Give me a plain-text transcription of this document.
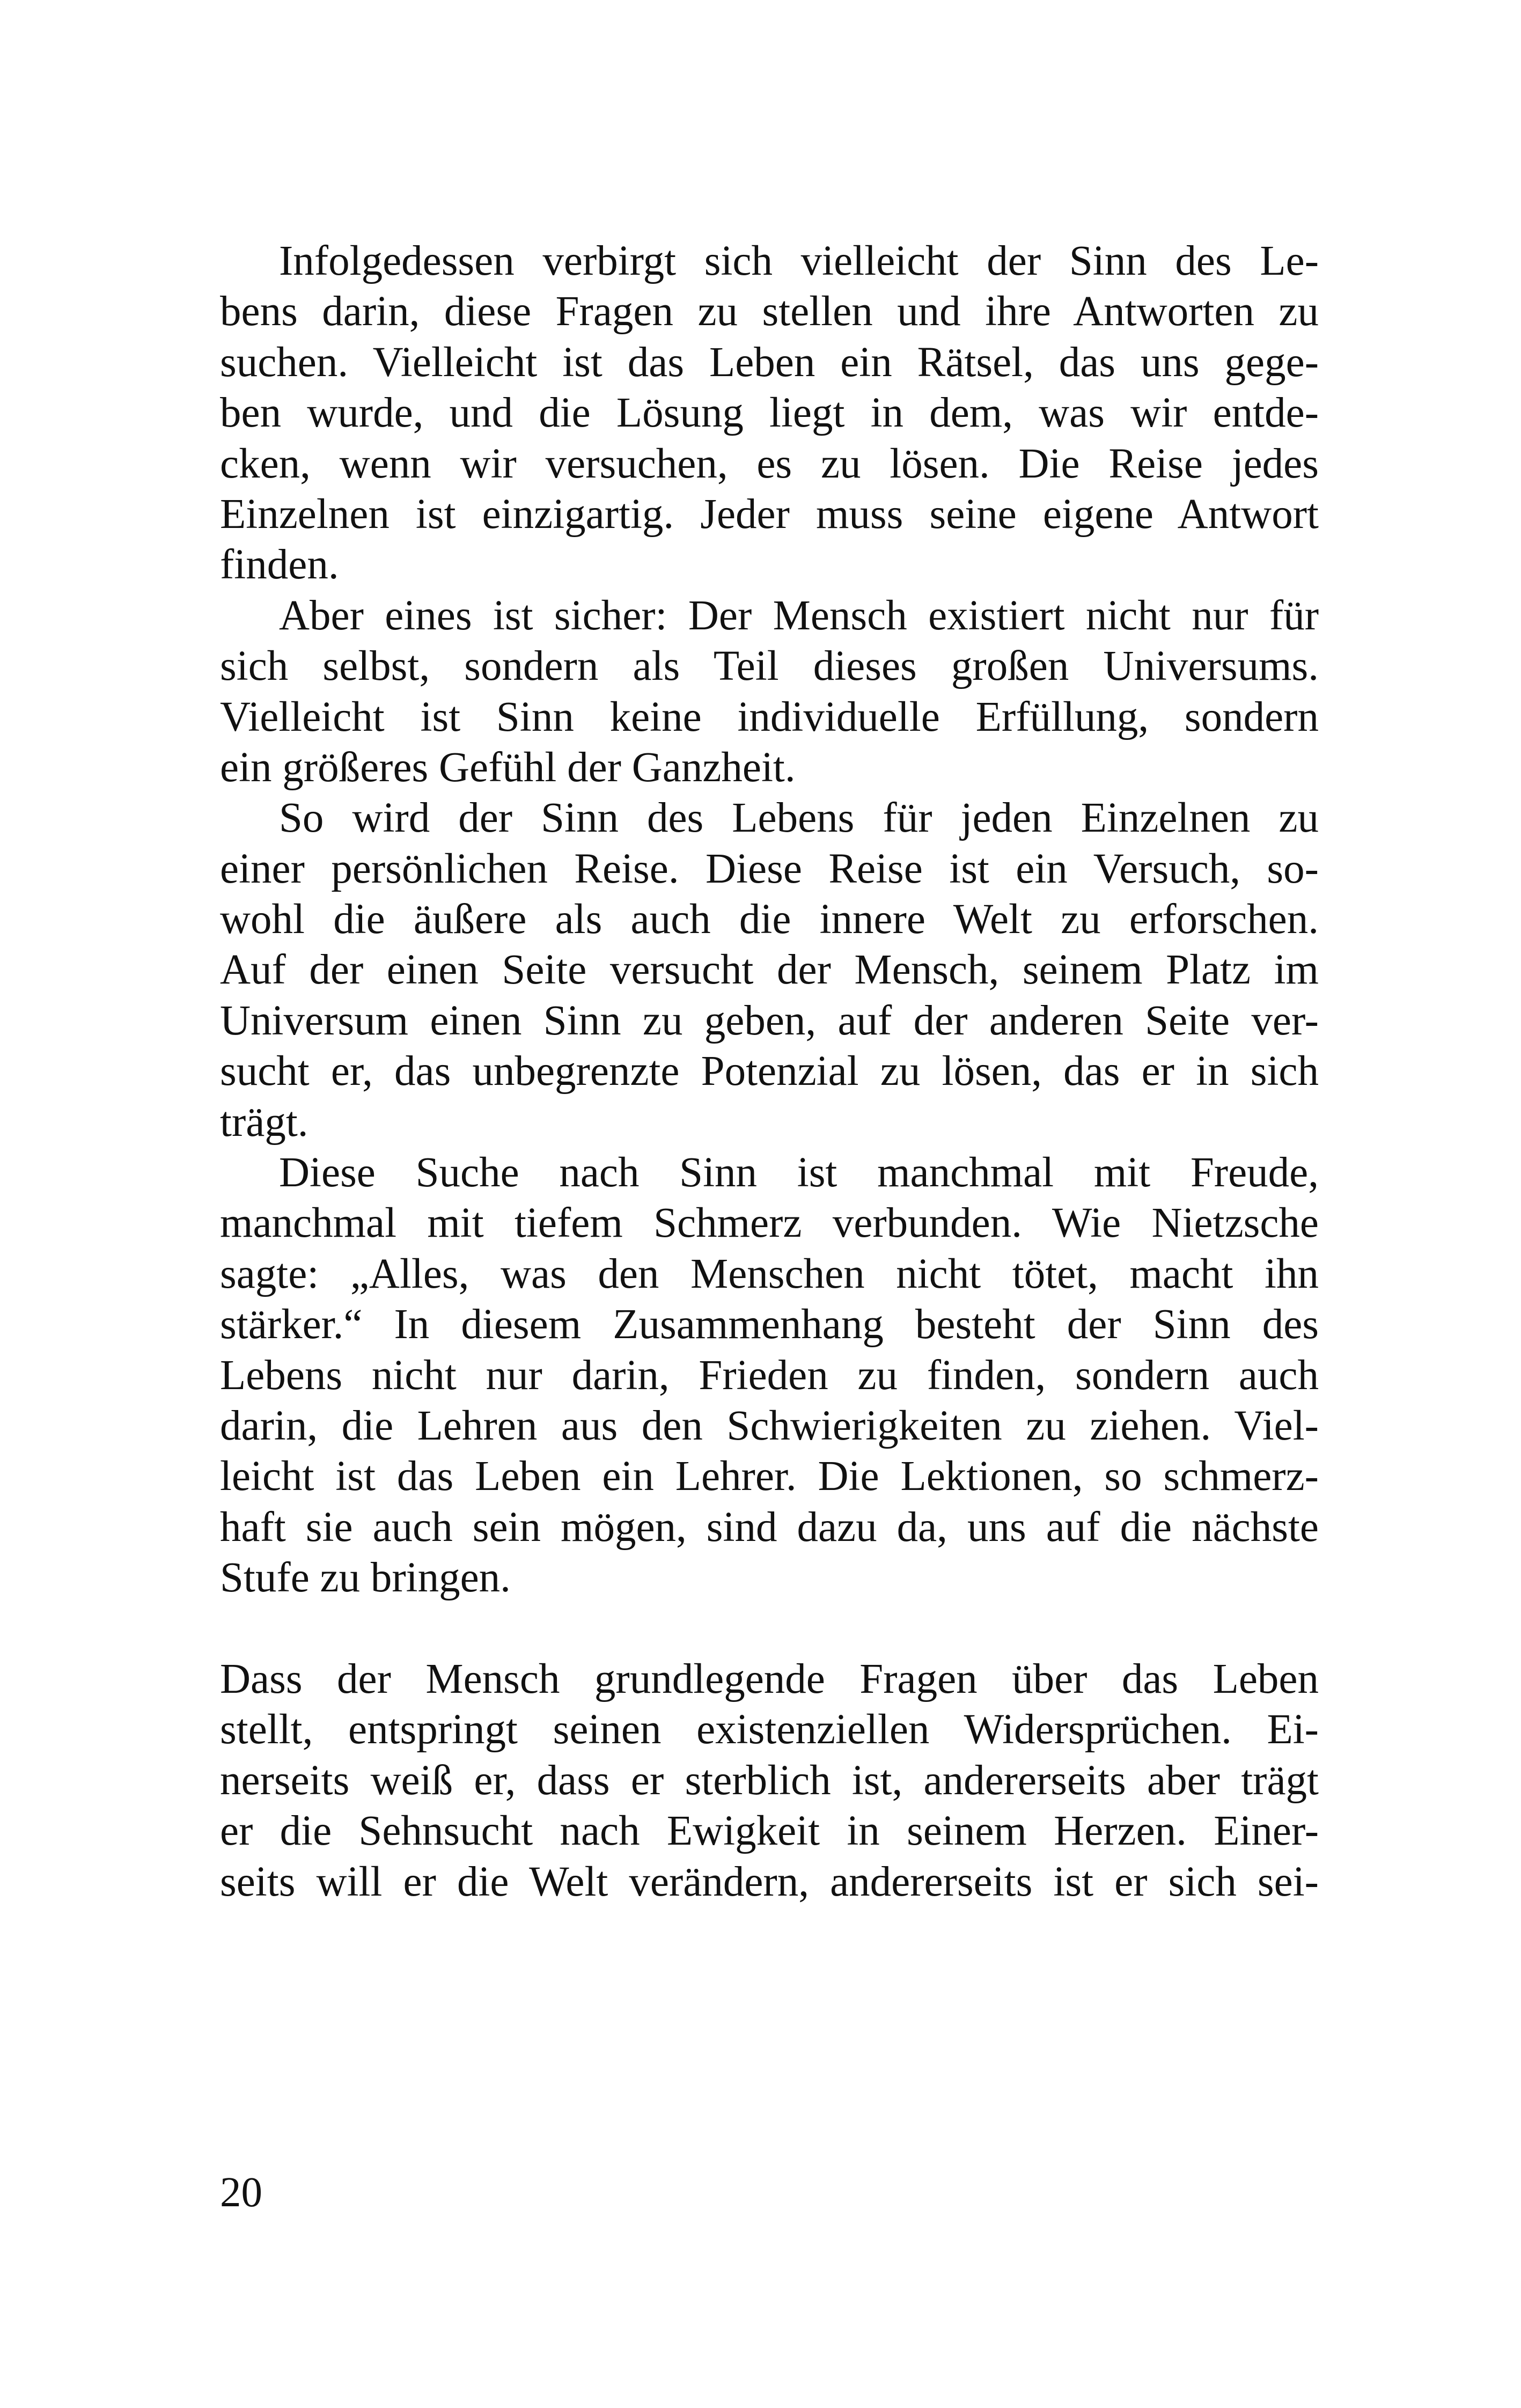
Infolgedessen verbirgt sich vielleicht der Sinn des Le-
bens darin, diese Fragen zu stellen und ihre Antworten zu
suchen. Vielleicht ist das Leben ein Rätsel, das uns gege-
ben wurde, und die Lösung liegt in dem, was wir entde-
cken, wenn wir versuchen, es zu lösen. Die Reise jedes
Einzelnen ist einzigartig. Jeder muss seine eigene Antwort
finden.
Aber eines ist sicher: Der Mensch existiert nicht nur für
sich selbst, sondern als Teil dieses großen Universums.
Vielleicht ist Sinn keine individuelle Erfüllung, sondern
ein größeres Gefühl der Ganzheit.
So wird der Sinn des Lebens für jeden Einzelnen zu
einer persönlichen Reise. Diese Reise ist ein Versuch, so-
wohl die äußere als auch die innere Welt zu erforschen.
Auf der einen Seite versucht der Mensch, seinem Platz im
Universum einen Sinn zu geben, auf der anderen Seite ver-
sucht er, das unbegrenzte Potenzial zu lösen, das er in sich
trägt.
Diese Suche nach Sinn ist manchmal mit Freude,
manchmal mit tiefem Schmerz verbunden. Wie Nietzsche
sagte: „Alles, was den Menschen nicht tötet, macht ihn
stärker.“ In diesem Zusammenhang besteht der Sinn des
Lebens nicht nur darin, Frieden zu finden, sondern auch
darin, die Lehren aus den Schwierigkeiten zu ziehen. Viel-
leicht ist das Leben ein Lehrer. Die Lektionen, so schmerz-
haft sie auch sein mögen, sind dazu da, uns auf die nächste
Stufe zu bringen.
Dass der Mensch grundlegende Fragen über das Leben
stellt, entspringt seinen existenziellen Widersprüchen. Ei-
nerseits weiß er, dass er sterblich ist, andererseits aber trägt
er die Sehnsucht nach Ewigkeit in seinem Herzen. Einer-
seits will er die Welt verändern, andererseits ist er sich sei-
20
